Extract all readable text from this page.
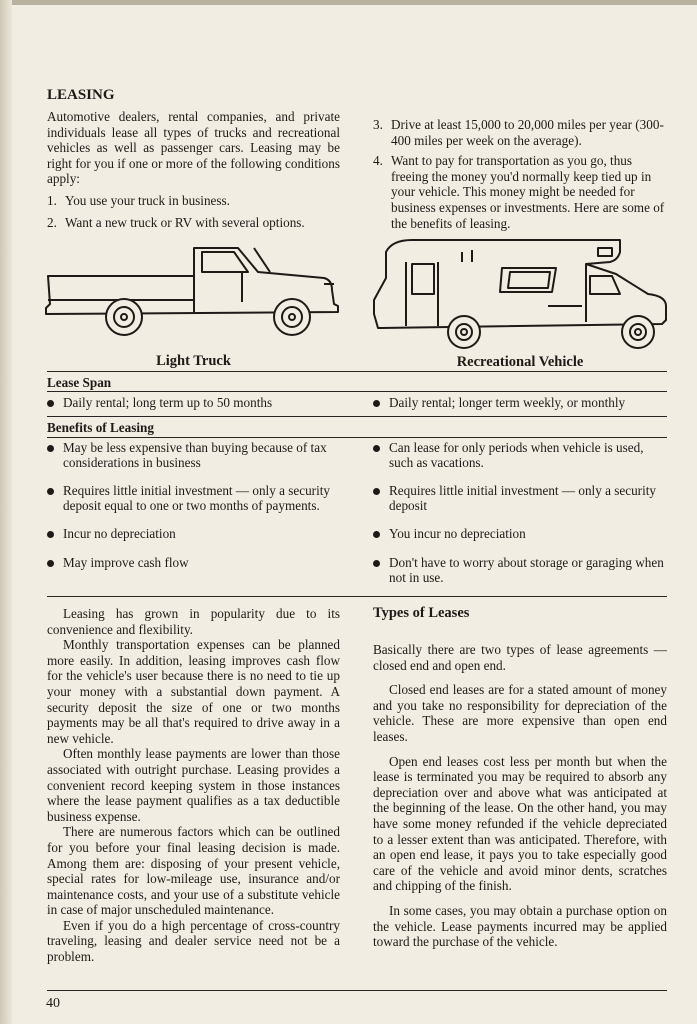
LEASING

Automotive dealers, rental companies, and private individuals lease all types of trucks and recreational vehicles as well as passenger cars. Leasing may be right for you if one or more of the following conditions apply:

1. You use your truck in business.
2. Want a new truck or RV with several options.
3. Drive at least 15,000 to 20,000 miles per year (300-400 miles per week on the average).
4. Want to pay for transportation as you go, thus freeing the money you'd normally keep tied up in your vehicle. This money might be needed for business expenses or investments. Here are some of the benefits of leasing.
Light Truck	Recreational Vehicle
Lease Span
Daily rental; long term up to 50 months	Daily rental; longer term weekly, or monthly
Benefits of Leasing
May be less expensive than buying because of tax considerations in business
Requires little initial investment — only a security deposit equal to one or two months of payments.
Incur no depreciation
May improve cash flow
Can lease for only periods when vehicle is used, such as vacations.
Requires little initial investment — only a security deposit
You incur no depreciation
Don't have to worry about storage or garaging when not in use.

Leasing has grown in popularity due to its convenience and flexibility.

Monthly transportation expenses can be planned more easily. In addition, leasing improves cash flow for the vehicle's user because there is no need to tie up your money with a substantial down payment. A security deposit the size of one or two months payments may be all that's required to drive away in a new vehicle.

Often monthly lease payments are lower than those associated with outright purchase. Leasing provides a convenient record keeping system in those instances where the lease payment qualifies as a tax deductible business expense.

There are numerous factors which can be outlined for you before your final leasing decision is made. Among them are: disposing of your present vehicle, special rates for low-mileage use, insurance and/or maintenance costs, and your use of a substitute vehicle in case of major unscheduled maintenance.

Even if you do a high percentage of cross-country traveling, leasing and dealer service need not be a problem.

Types of Leases

Basically there are two types of lease agreements — closed end and open end.

Closed end leases are for a stated amount of money and you take no responsibility for depreciation of the vehicle. These are more expensive than open end leases.

Open end leases cost less per month but when the lease is terminated you may be required to absorb any depreciation over and above what was anticipated at the beginning of the lease. On the other hand, you may have some money refunded if the vehicle depreciated to a lesser extent than was anticipated. Therefore, with an open end lease, it pays you to take especially good care of the vehicle and avoid minor dents, scratches and chipping of the finish.

In some cases, you may obtain a purchase option on the vehicle. Lease payments incurred may be applied toward the purchase of the vehicle.

40
